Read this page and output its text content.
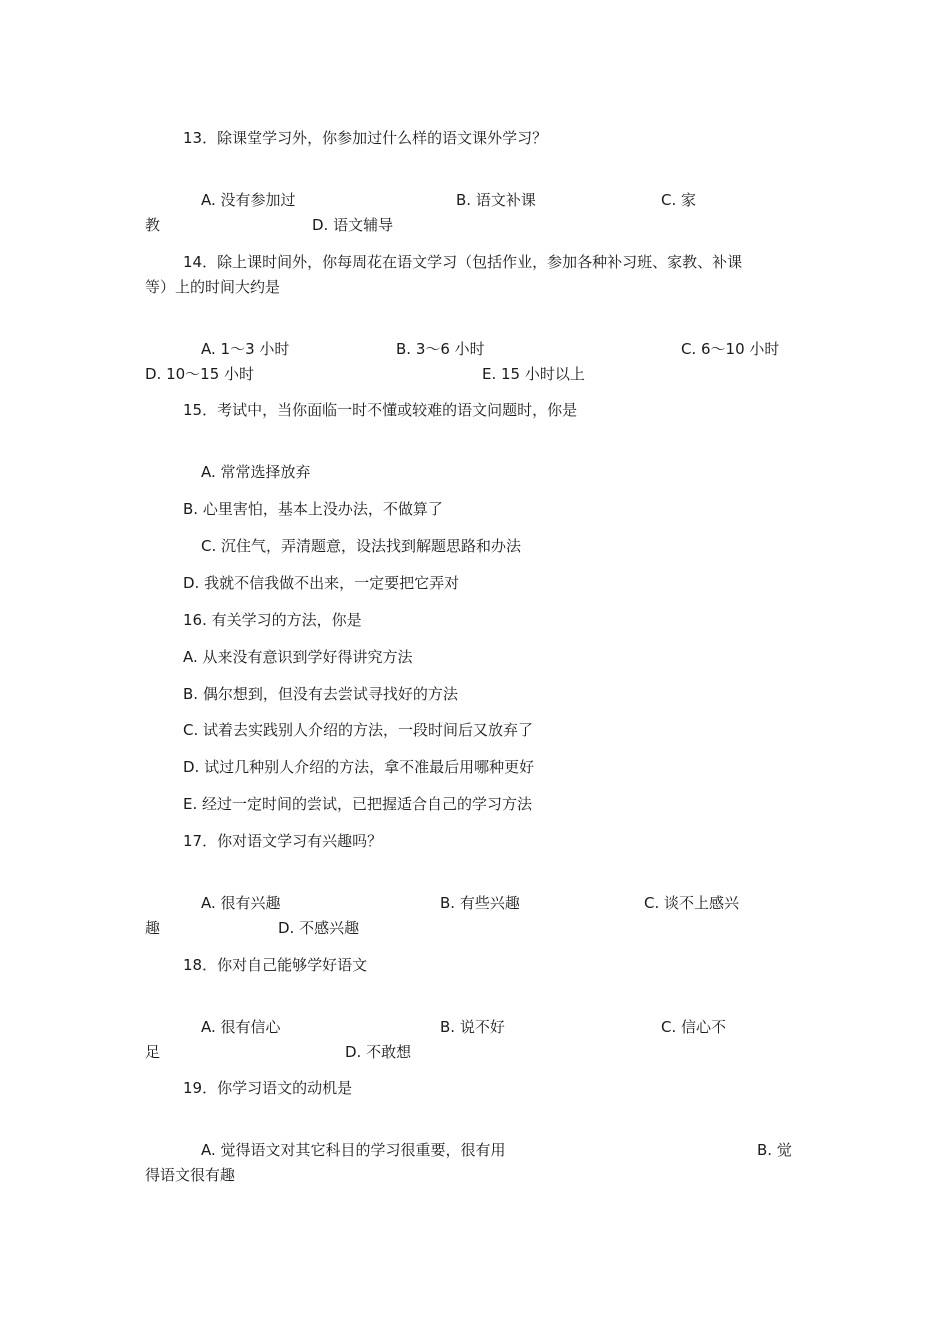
13．除课堂学习外，你参加过什么样的语文课外学习？
A. 没有参加过	B. 语文补课	C. 家
教	D. 语文辅导
14．除上课时间外，你每周花在语文学习（包括作业，参加各种补习班、家教、补课
等）上的时间大约是
A. 1～3 小时	B. 3～6 小时	C. 6～10 小时
D. 10～15 小时	E. 15 小时以上
15．考试中，当你面临一时不懂或较难的语文问题时，你是
A. 常常选择放弃
B. 心里害怕，基本上没办法，不做算了
C. 沉住气，弄清题意，设法找到解题思路和办法
D. 我就不信我做不出来，一定要把它弄对
16. 有关学习的方法，你是
A. 从来没有意识到学好得讲究方法
B. 偶尔想到，但没有去尝试寻找好的方法
C. 试着去实践别人介绍的方法，一段时间后又放弃了
D. 试过几种别人介绍的方法，拿不准最后用哪种更好
E. 经过一定时间的尝试，已把握适合自己的学习方法
17．你对语文学习有兴趣吗？
A. 很有兴趣	B. 有些兴趣	C. 谈不上感兴
趣	D. 不感兴趣
18．你对自己能够学好语文
A. 很有信心	B. 说不好	C. 信心不
足	D. 不敢想
19．你学习语文的动机是
A. 觉得语文对其它科目的学习很重要，很有用	B. 觉
得语文很有趣
